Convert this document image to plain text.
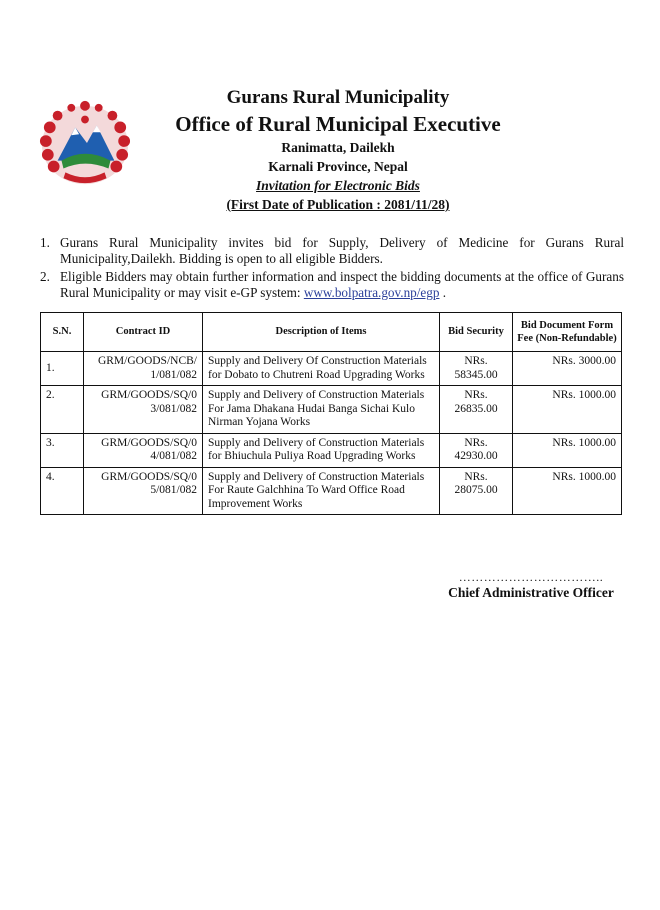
Gurans Rural Municipality
Office of Rural Municipal Executive
Ranimatta, Dailekh
Karnali Province, Nepal
Invitation for Electronic Bids
(First Date of Publication : 2081/11/28)
1. Gurans Rural Municipality invites bid for Supply, Delivery of Medicine for Gurans Rural Municipality,Dailekh. Bidding is open to all eligible Bidders.
2. Eligible Bidders may obtain further information and inspect the bidding documents at the office of Gurans Rural Municipality or may visit e-GP system: www.bolpatra.gov.np/egp .
S.N.	Contract ID	Description of Items	Bid Security	Bid Document Form Fee (Non-Refundable)
1.	GRM/GOODS/NCB/ 1/081/082	Supply and Delivery Of Construction Materials for Dobato to Chutreni Road Upgrading Works	NRs. 58345.00	NRs. 3000.00
2.	GRM/GOODS/SQ/0 3/081/082	Supply and Delivery of Construction Materials For Jama Dhakana Hudai Banga Sichai Kulo Nirman Yojana Works	NRs. 26835.00	NRs. 1000.00
3.	GRM/GOODS/SQ/0 4/081/082	Supply and Delivery of Construction Materials for Bhiuchula Puliya Road Upgrading Works	NRs. 42930.00	NRs. 1000.00
4.	GRM/GOODS/SQ/0 5/081/082	Supply and Delivery of Construction Materials For Raute Galchhina To Ward Office Road Improvement Works	NRs. 28075.00	NRs. 1000.00
……………………………..
Chief Administrative Officer
